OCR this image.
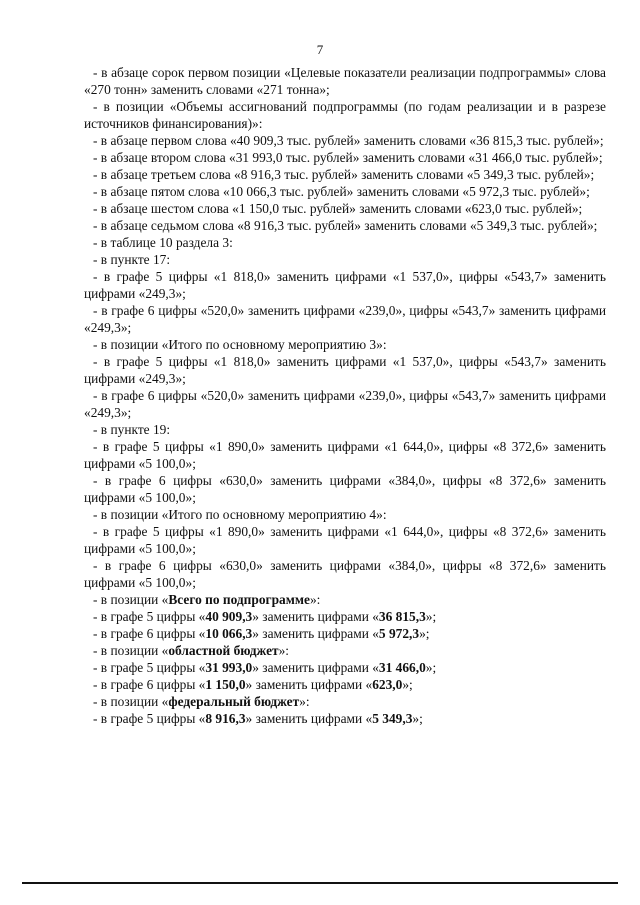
7

- в абзаце сорок первом позиции «Целевые показатели реализации подпрограммы» слова «270 тонн» заменить словами «271 тонна»;

- в позиции «Объемы ассигнований подпрограммы (по годам реализации и в разрезе источников финансирования)»:

- в абзаце первом слова «40 909,3 тыс. рублей» заменить словами «36 815,3 тыс. рублей»;

- в абзаце втором слова «31 993,0 тыс. рублей» заменить словами «31 466,0 тыс. рублей»;

- в абзаце третьем слова «8 916,3 тыс. рублей» заменить словами «5 349,3 тыс. рублей»;

- в абзаце пятом слова «10 066,3 тыс. рублей» заменить словами «5 972,3 тыс. рублей»;

- в абзаце шестом слова «1 150,0 тыс. рублей» заменить словами «623,0 тыс. рублей»;

- в абзаце седьмом слова «8 916,3 тыс. рублей» заменить словами «5 349,3 тыс. рублей»;

- в таблице 10 раздела 3:

- в пункте 17:

- в графе 5 цифры «1 818,0» заменить цифрами «1 537,0», цифры «543,7» заменить цифрами «249,3»;

- в графе 6 цифры «520,0» заменить цифрами «239,0», цифры «543,7» заменить цифрами «249,3»;

- в позиции «Итого по основному мероприятию 3»:

- в графе 5 цифры «1 818,0» заменить цифрами «1 537,0», цифры «543,7» заменить цифрами «249,3»;

- в графе 6 цифры «520,0» заменить цифрами «239,0», цифры «543,7» заменить цифрами «249,3»;

- в пункте 19:

- в графе 5 цифры «1 890,0» заменить цифрами «1 644,0», цифры «8 372,6» заменить цифрами «5 100,0»;

- в графе 6 цифры «630,0» заменить цифрами «384,0», цифры «8 372,6» заменить цифрами «5 100,0»;

- в позиции «Итого по основному мероприятию 4»:

- в графе 5 цифры «1 890,0» заменить цифрами «1 644,0», цифры «8 372,6» заменить цифрами «5 100,0»;

- в графе 6 цифры «630,0» заменить цифрами «384,0», цифры «8 372,6» заменить цифрами «5 100,0»;

- в позиции «Всего по подпрограмме»:

- в графе 5 цифры «40 909,3» заменить цифрами «36 815,3»;

- в графе 6 цифры «10 066,3» заменить цифрами «5 972,3»;

- в позиции «областной бюджет»:

- в графе 5 цифры «31 993,0» заменить цифрами «31 466,0»;

- в графе 6 цифры «1 150,0» заменить цифрами «623,0»;

- в позиции «федеральный бюджет»:

- в графе 5 цифры «8 916,3» заменить цифрами «5 349,3»;
